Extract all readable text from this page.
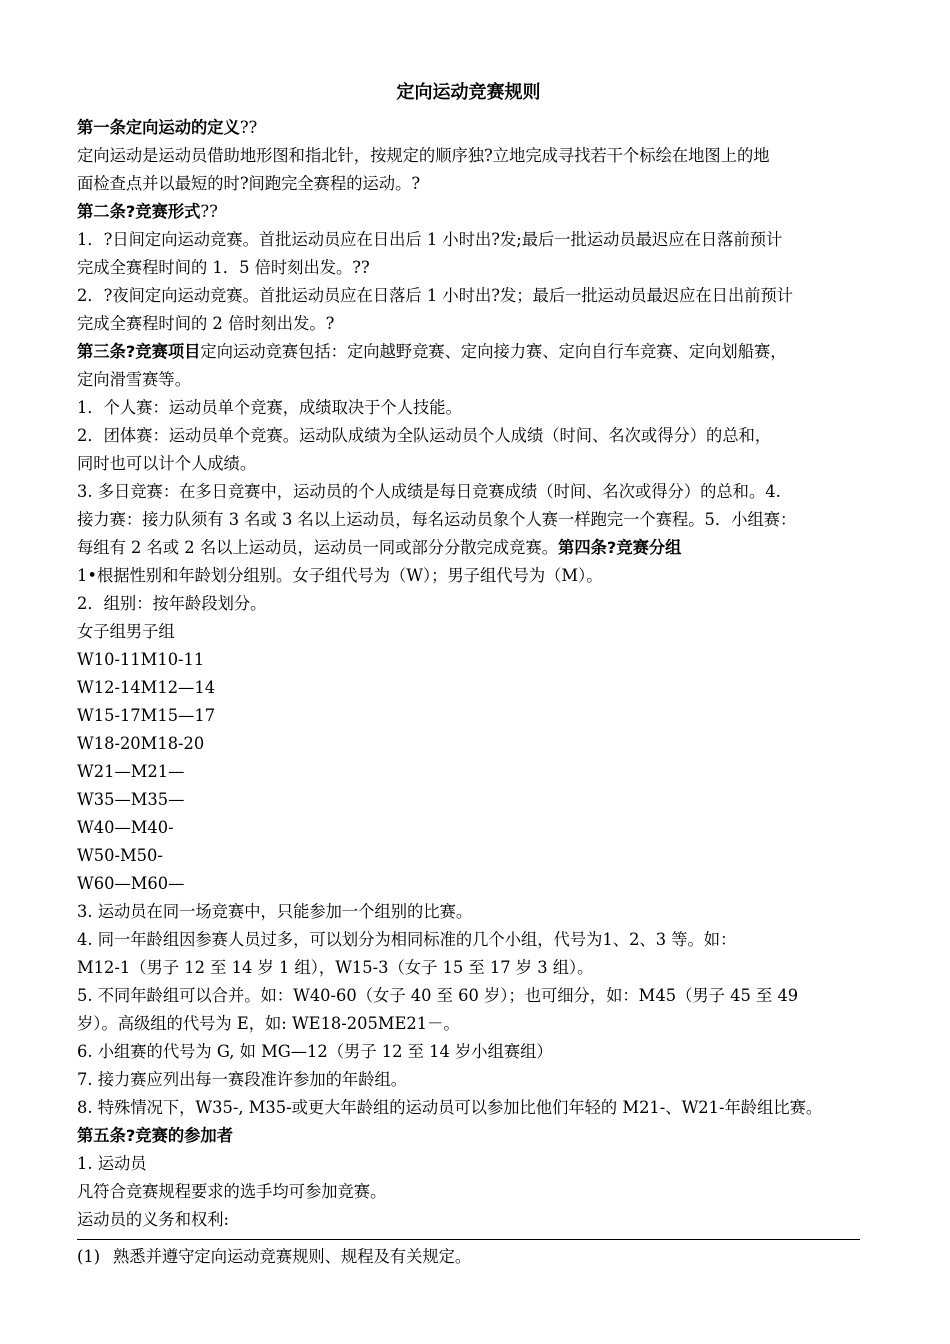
定向运动竞赛规则
第一条定向运动的定义??
定向运动是运动员借助地形图和指北针，按规定的顺序独?立地完成寻找若干个标绘在地图上的地
面检查点并以最短的时?间跑完全赛程的运动。?
第二条?竞赛形式??
1．?日间定向运动竞赛。首批运动员应在日出后 1 小时出?发;最后一批运动员最迟应在日落前预计
完成全赛程时间的 1．5 倍时刻出发。??
2．?夜间定向运动竞赛。首批运动员应在日落后 1 小时出?发；最后一批运动员最迟应在日出前预计
完成全赛程时间的 2 倍时刻出发。?
第三条?竞赛项目定向运动竞赛包括：定向越野竞赛、定向接力赛、定向自行车竞赛、定向划船赛，
定向滑雪赛等。
1．个人赛：运动员单个竞赛，成绩取决于个人技能。
2．团体赛：运动员单个竞赛。运动队成绩为全队运动员个人成绩（时间、名次或得分）的总和，
同时也可以计个人成绩。
3. 多日竞赛：在多日竞赛中，运动员的个人成绩是每日竞赛成绩（时间、名次或得分）的总和。4.
接力赛：接力队须有 3 名或 3 名以上运动员，每名运动员象个人赛一样跑完一个赛程。5．小组赛：
每组有 2 名或 2 名以上运动员，运动员一同或部分分散完成竞赛。第四条?竞赛分组
1•根据性别和年龄划分组别。女子组代号为（W）；男子组代号为（M）。
2．组别：按年龄段划分。
女子组男子组
W10-11M10-11
W12-14M12—14
W15-17M15—17
W18-20M18-20
W21—M21—
W35—M35—
W40—M40-
W50-M50-
W60—M60—
3. 运动员在同一场竞赛中，只能参加一个组别的比赛。
4. 同一年龄组因参赛人员过多，可以划分为相同标准的几个小组，代号为1、2、3 等。如：
M12-1（男子 12 至 14 岁 1 组），W15-3（女子 15 至 17 岁 3 组）。
5. 不同年龄组可以合并。如：W40-60（女子 40 至 60 岁）；也可细分，如：M45（男子 45 至 49
岁）。高级组的代号为 E，如: WE18-205ME21－。
6. 小组赛的代号为 G, 如 MG—12（男子 12 至 14 岁小组赛组）
7. 接力赛应列出每一赛段准许参加的年龄组。
8. 特殊情况下，W35-, M35-或更大年龄组的运动员可以参加比他们年轻的 M21-、W21-年龄组比赛。
第五条?竞赛的参加者
1. 运动员
凡符合竞赛规程要求的选手均可参加竞赛。
运动员的义务和权利:
(1) 熟悉并遵守定向运动竞赛规则、规程及有关规定。
